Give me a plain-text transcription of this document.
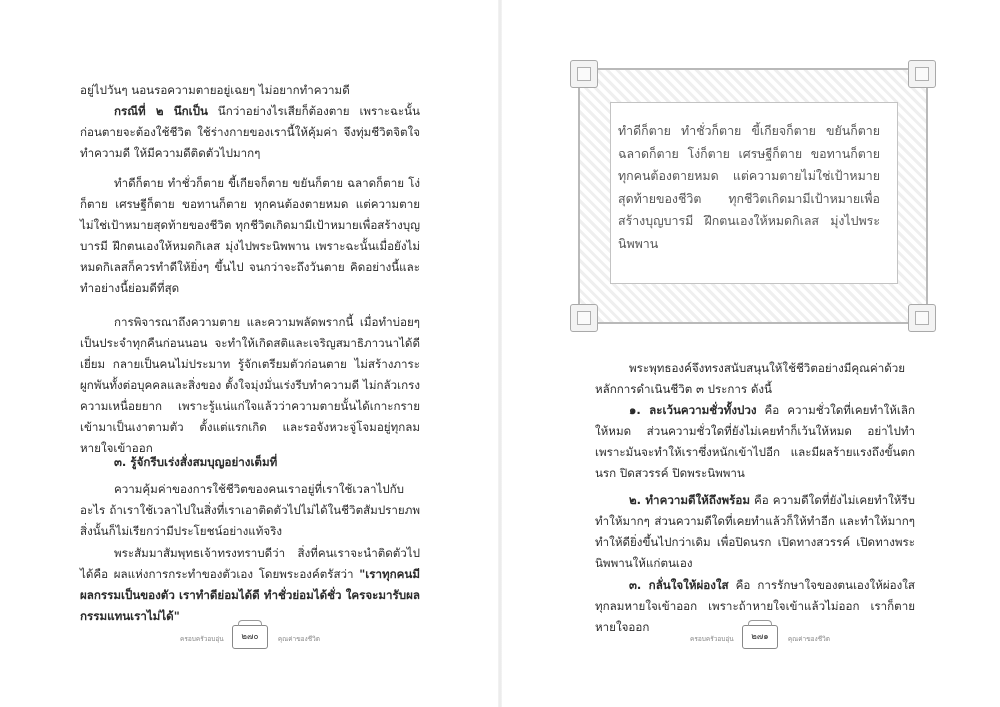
อยู่ไปวันๆ นอนรอความตายอยู่เฉยๆ ไม่อยากทำความดี

กรณีที่ ๒ นึกเป็น นึกว่าอย่างไรเสียก็ต้องตาย เพราะฉะนั้น ก่อนตายจะต้องใช้ชีวิต ใช้ร่างกายของเรานี้ให้คุ้มค่า จึงทุ่มชีวิตจิตใจทำความดี ให้มีความดีติดตัวไปมากๆ

ทำดีก็ตาย ทำชั่วก็ตาย ขี้เกียจก็ตาย ขยันก็ตาย ฉลาดก็ตาย โง่ก็ตาย เศรษฐีก็ตาย ขอทานก็ตาย ทุกคนต้องตายหมด แต่ความตายไม่ใช่เป้าหมายสุดท้ายของชีวิต ทุกชีวิตเกิดมามีเป้าหมายเพื่อสร้างบุญบารมี ฝึกตนเองให้หมดกิเลส มุ่งไปพระนิพพาน เพราะฉะนั้นเมื่อยังไม่หมดกิเลสก็ควรทำดีให้ยิ่งๆ ขึ้นไป จนกว่าจะถึงวันตาย คิดอย่างนี้และทำอย่างนี้ย่อมดีที่สุด

การพิจารณาถึงความตาย และความพลัดพรากนี้ เมื่อทำบ่อยๆ เป็นประจำทุกคืนก่อนนอน จะทำให้เกิดสติและเจริญสมาธิภาวนาได้ดีเยี่ยม กลายเป็นคนไม่ประมาท รู้จักเตรียมตัวก่อนตาย ไม่สร้างภาระผูกพันทั้งต่อบุคคลและสิ่งของ ตั้งใจมุ่งมั่นเร่งรีบทำความดี ไม่กลัวเกรงความเหนื่อยยาก เพราะรู้แน่แก่ใจแล้วว่าความตายนั้นได้เกาะกรายเข้ามาเป็นเงาตามตัว ตั้งแต่แรกเกิด และรอจังหวะจู่โจมอยู่ทุกลมหายใจเข้าออก

๓. รู้จักรีบเร่งสั่งสมบุญอย่างเต็มที่

ความคุ้มค่าของการใช้ชีวิตของคนเราอยู่ที่เราใช้เวลาไปกับอะไร ถ้าเราใช้เวลาไปในสิ่งที่เราเอาติดตัวไปไม่ได้ในชีวิตสัมปรายภพ สิ่งนั้นก็ไม่เรียกว่ามีประโยชน์อย่างแท้จริง

พระสัมมาสัมพุทธเจ้าทรงทราบดีว่า สิ่งที่คนเราจะนำติดตัวไปได้คือ ผลแห่งการกระทำของตัวเอง โดยพระองค์ตรัสว่า "เราทุกคนมีผลกรรมเป็นของตัว เราทำดีย่อมได้ดี ทำชั่วย่อมได้ชั่ว ใครจะมารับผลกรรมแทนเราไม่ได้"

ครอบครัวอบอุ่น	๒๗๐	คุณค่าของชีวิต

ทำดีก็ตาย ทำชั่วก็ตาย ขี้เกียจก็ตาย ขยันก็ตาย ฉลาดก็ตาย โง่ก็ตาย เศรษฐีก็ตาย ขอทานก็ตาย ทุกคนต้องตายหมด แต่ความตายไม่ใช่เป้าหมายสุดท้ายของชีวิต ทุกชีวิตเกิดมามีเป้าหมายเพื่อสร้างบุญบารมี ฝึกตนเองให้หมดกิเลส มุ่งไปพระนิพพาน

พระพุทธองค์จึงทรงสนับสนุนให้ใช้ชีวิตอย่างมีคุณค่าด้วยหลักการดำเนินชีวิต ๓ ประการ ดังนี้

๑. ละเว้นความชั่วทั้งปวง คือ ความชั่วใดที่เคยทำให้เลิกให้หมด ส่วนความชั่วใดที่ยังไม่เคยทำก็เว้นให้หมด อย่าไปทำเพราะมันจะทำให้เราซึ่งหนักเข้าไปอีก และมีผลร้ายแรงถึงขั้นตกนรก ปิดสวรรค์ ปิดพระนิพพาน

๒. ทำความดีให้ถึงพร้อม คือ ความดีใดที่ยังไม่เคยทำให้รีบทำให้มากๆ ส่วนความดีใดที่เคยทำแล้วก็ให้ทำอีก และทำให้มากๆ ทำให้ดียิ่งขึ้นไปกว่าเดิม เพื่อปิดนรก เปิดทางสวรรค์ เปิดทางพระนิพพานให้แก่ตนเอง

๓. กลั่นใจให้ผ่องใส คือ การรักษาใจของตนเองให้ผ่องใสทุกลมหายใจเข้าออก เพราะถ้าหายใจเข้าแล้วไม่ออก เราก็ตาย หายใจออก

ครอบครัวอบอุ่น	๒๗๑	คุณค่าของชีวิต
